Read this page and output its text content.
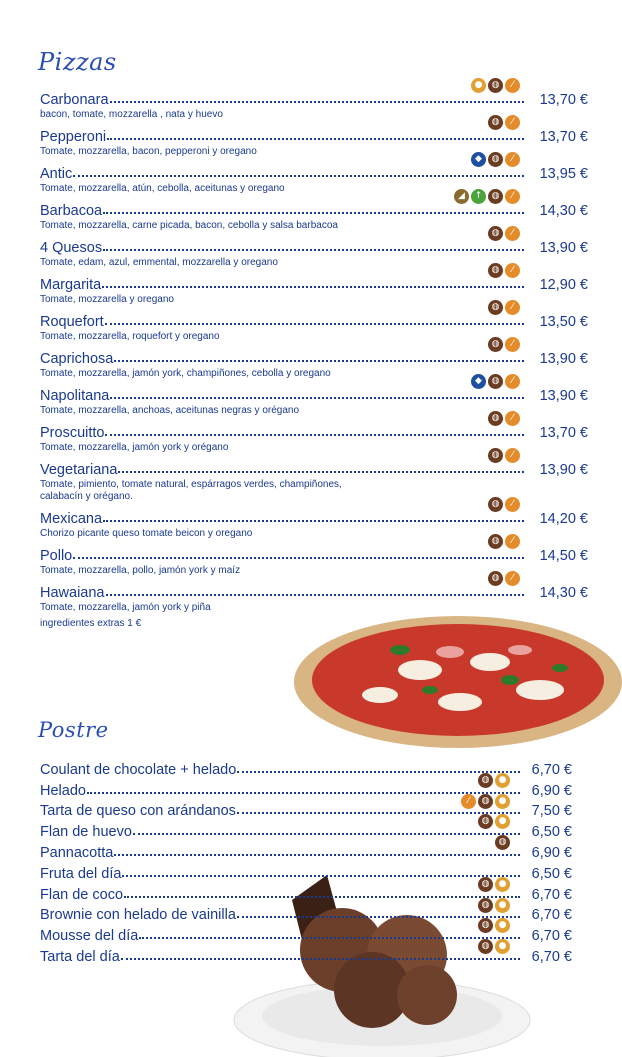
Pizzas
Carbonara	13,70 €
●	◍	⁄
bacon, tomate, mozzarella , nata y huevo
Pepperoni	13,70 €
◍	⁄
Tomate, mozzarella, bacon, pepperoni y oregano
Antic	13,95 €
◆	◍	⁄
Tomate, mozzarella, atún, cebolla, aceitunas y oregano
Barbacoa	14,30 €
◢	↑	◍	⁄
Tomate, mozzarella, carne picada, bacon, cebolla y salsa barbacoa
4 Quesos	13,90 €
◍	⁄
Tomate, edam, azul, emmental, mozzarella y oregano
Margarita	12,90 €
◍	⁄
Tomate, mozzarella y oregano
Roquefort	13,50 €
◍	⁄
Tomate, mozzarella, roquefort y oregano
Caprichosa	13,90 €
◍	⁄
Tomate, mozzarella, jamón york, champiñones, cebolla y oregano
Napolitana	13,90 €
◆	◍	⁄
Tomate, mozzarella, anchoas, aceitunas negras y orégano
Proscuitto	13,70 €
◍	⁄
Tomate, mozzarella, jamón york y orégano
Vegetariana	13,90 €
◍	⁄
Tomate, pimiento, tomate natural, espárragos verdes, champiñones, calabacín y orégano.
Mexicana	14,20 €
◍	⁄
Chorizo picante queso tomate beicon y oregano
Pollo	14,50 €
◍	⁄
Tomate, mozzarella, pollo, jamón york y maíz
Hawaiana	14,30 €
◍	⁄
Tomate, mozzarella, jamón york y piña
ingredientes extras 1 €
Postre
Coulant de chocolate + helado	6,70 €
Helado	6,90 €
◍	●
Tarta de queso con arándanos	7,50 €
⁄	◍	●
Flan de huevo	6,50 €
◍	●
Pannacotta	6,90 €
◍
Fruta del día	6,50 €
Flan de coco	6,70 €
◍	●
Brownie con helado de vainilla	6,70 €
◍	●
Mousse del día	6,70 €
◍	●
Tarta del día	6,70 €
◍	●
